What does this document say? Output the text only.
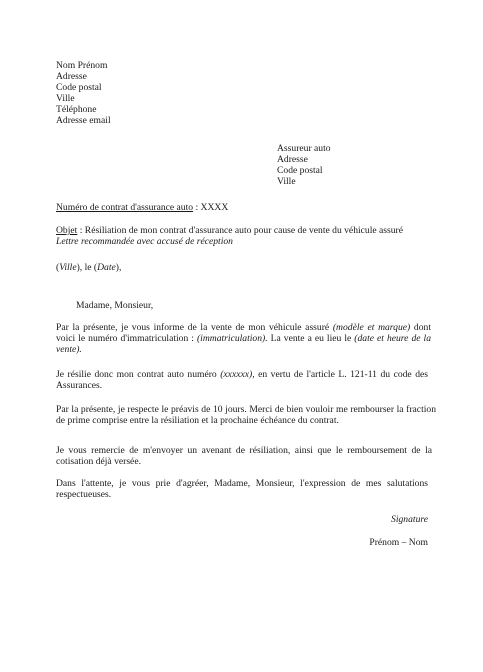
Nom Prénom
Adresse
Code postal
Ville
Téléphone
Adresse email
Assureur auto
Adresse
Code postal
Ville
Numéro de contrat d'assurance auto : XXXX
Objet : Résiliation de mon contrat d'assurance auto pour cause de vente du véhicule assuré
Lettre recommandée avec accusé de réception
(Ville), le (Date),
Madame, Monsieur,

Par la présente, je vous informe de la vente de mon véhicule assuré (modèle et marque) dont voici le numéro d'immatriculation : (immatriculation). La vente a eu lieu le (date et heure de la vente).

Je résilie donc mon contrat auto numéro (xxxxxx), en vertu de l'article L. 121-11 du code des Assurances.

Par la présente, je respecte le préavis de 10 jours. Merci de bien vouloir me rembourser la fraction de prime comprise entre la résiliation et la prochaine échéance du contrat.

Je vous remercie de m'envoyer un avenant de résiliation, ainsi que le remboursement de la cotisation déjà versée.

Dans l'attente, je vous prie d'agréer, Madame, Monsieur, l'expression de mes salutations respectueuses.

Signature
Prénom – Nom
